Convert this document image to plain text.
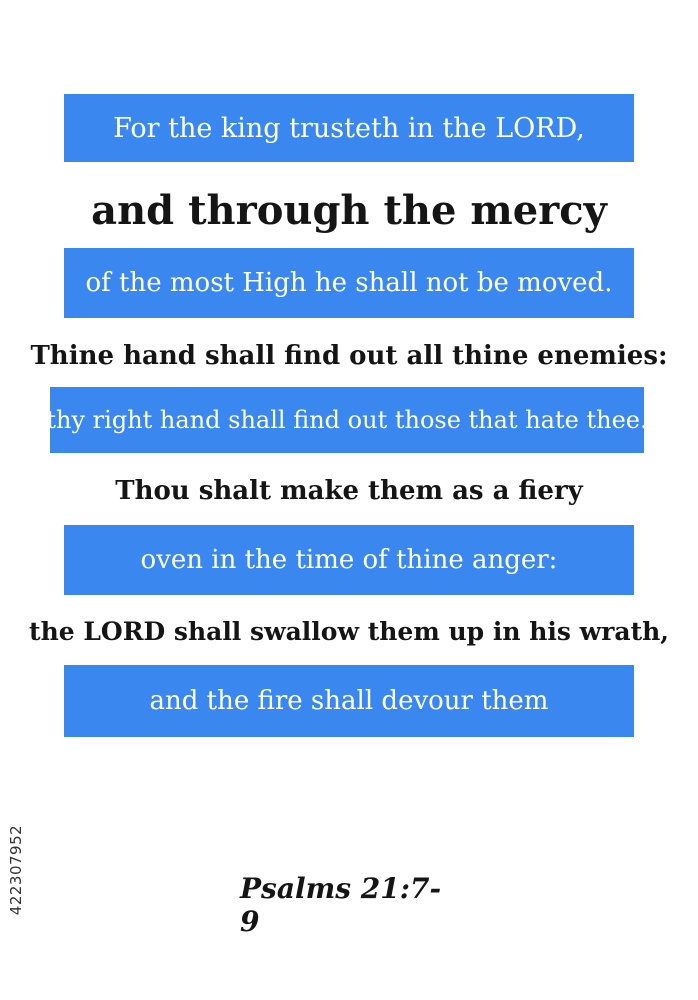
For the king trusteth in the LORD,
and through the mercy
of the most High he shall not be moved.
Thine hand shall find out all thine enemies:
thy right hand shall find out those that hate thee.
Thou shalt make them as a fiery
oven in the time of thine anger:
the LORD shall swallow them up in his wrath,
and the fire shall devour them
Psalms 21:7-9
422307952
